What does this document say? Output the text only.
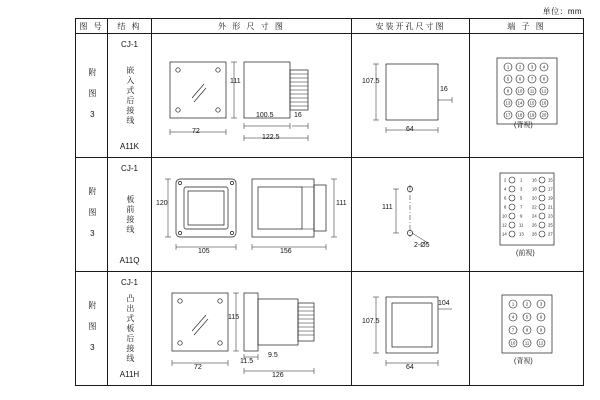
单位：mm
图 号	结 构	外 形 尺 寸 图	安装开孔尺寸图	端 子 图
附 图 3	
CJ-1
嵌入式后接线
A11K

111
72
100.5
122.5
16

107.5
16
64

1 2 3 4
5 6 7 8
9 10 11 12
13 14 15 16
17 18 19 20
(背视)

附 图 3	
CJ-1
板前接线
A11Q

120
105	156
111

111
2-Ø5

2	1
4	3
6	5
8	7
10	9
12	11
14	13
16	15
18	17
20	19
22	21
24	23
26	25
28	27
(前视)

附 图 3	
CJ-1
凸出式板后接线
A11H

115
72
11.5
9.5
126

107.5
104
64

1	2	3
4	5	6
7	8	9
10 11 12
(背视)
